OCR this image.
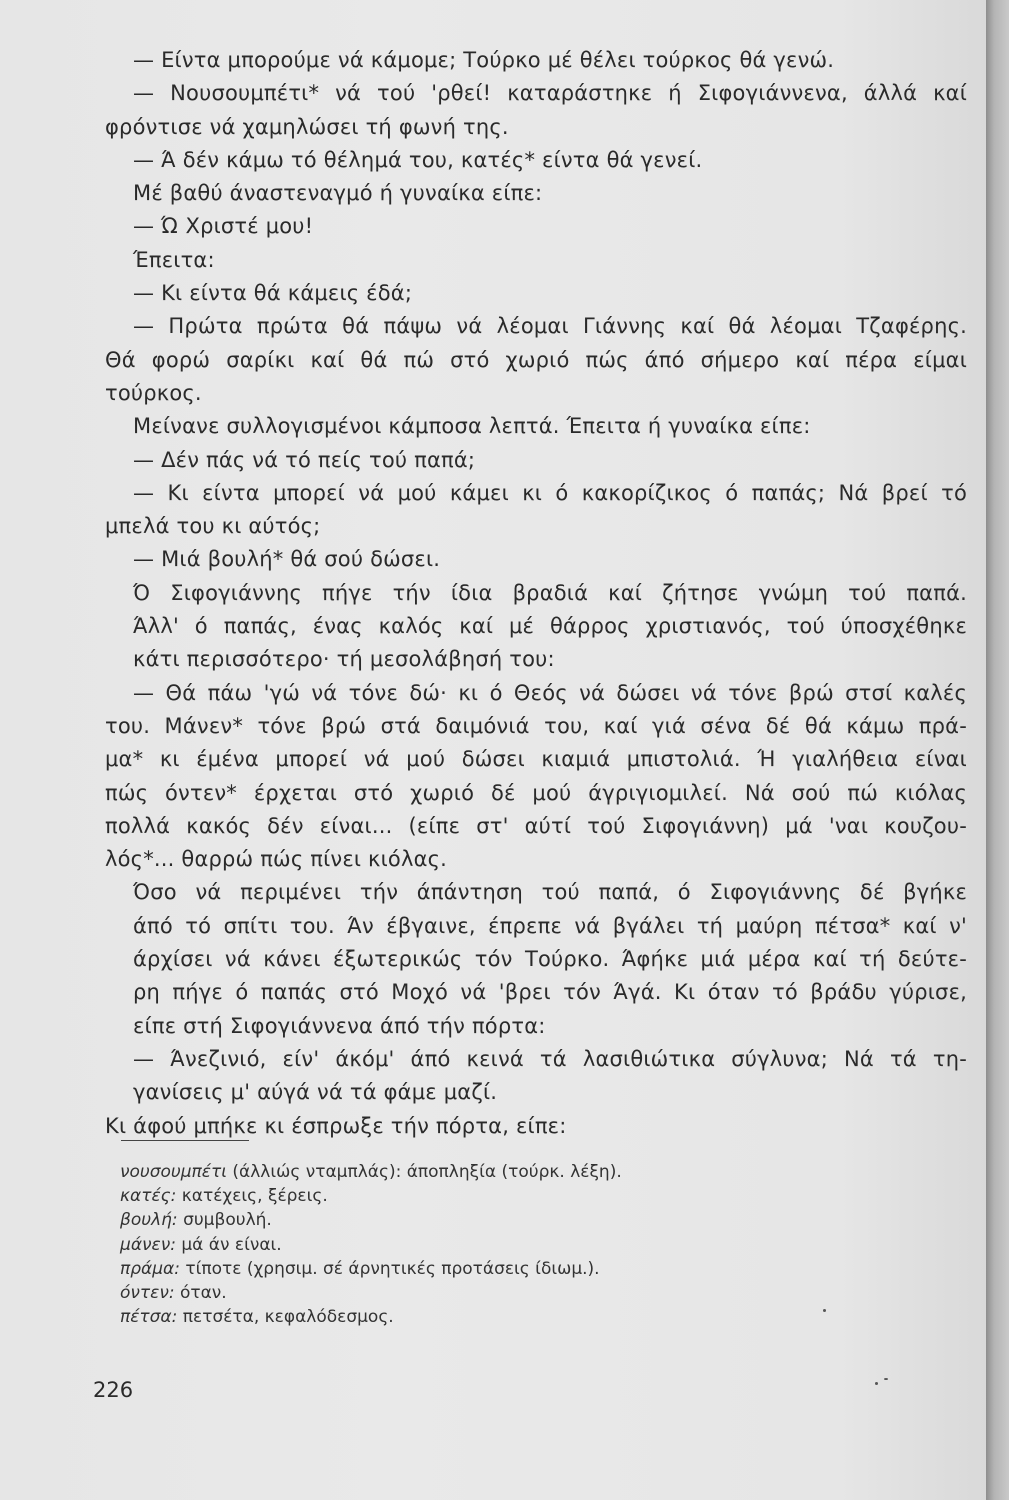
— Είντα μπορούμε νά κάμομε; Τούρκο μέ θέλει τούρκος θά γενώ.
— Νουσουμπέτι* νά τού 'ρθεί! καταράστηκε ή Σιφογιάννενα, άλλά καί
φρόντισε νά χαμηλώσει τή φωνή της.
— Ά δέν κάμω τό θέλημά του, κατές* είντα θά γενεί.
Μέ βαθύ άναστεναγμό ή γυναίκα είπε:
— Ώ Χριστέ μου!
Έπειτα:
— Κι είντα θά κάμεις έδά;
— Πρώτα πρώτα θά πάψω νά λέομαι Γιάννης καί θά λέομαι Τζαφέρης.
Θά φορώ σαρίκι καί θά πώ στό χωριό πώς άπό σήμερο καί πέρα είμαι
τούρκος.
Μείνανε συλλογισμένοι κάμποσα λεπτά. Έπειτα ή γυναίκα είπε:
— Δέν πάς νά τό πείς τού παπά;
— Κι είντα μπορεί νά μού κάμει κι ό κακορίζικος ό παπάς; Νά βρεί τό
μπελά του κι αύτός;
— Μιά βουλή* θά σού δώσει.
Ό Σιφογιάννης πήγε τήν ίδια βραδιά καί ζήτησε γνώμη τού παπά.
Άλλ' ό παπάς, ένας καλός καί μέ θάρρος χριστιανός, τού ύποσχέθηκε
κάτι περισσότερο· τή μεσολάβησή του:
— Θά πάω 'γώ νά τόνε δώ· κι ό Θεός νά δώσει νά τόνε βρώ στσί καλές
του. Μάνεν* τόνε βρώ στά δαιμόνιά του, καί γιά σένα δέ θά κάμω πρά-
μα* κι έμένα μπορεί νά μού δώσει κιαμιά μπιστολιά. Ή γιαλήθεια είναι
πώς όντεν* έρχεται στό χωριό δέ μού άγριγιομιλεί. Νά σού πώ κιόλας
πολλά κακός δέν είναι... (είπε στ' αύτί τού Σιφογιάννη) μά 'ναι κουζου-
λός*... θαρρώ πώς πίνει κιόλας.
Όσο νά περιμένει τήν άπάντηση τού παπά, ό Σιφογιάννης δέ βγήκε
άπό τό σπίτι του. Άν έβγαινε, έπρεπε νά βγάλει τή μαύρη πέτσα* καί ν'
άρχίσει νά κάνει έξωτερικώς τόν Τούρκο. Άφήκε μιά μέρα καί τή δεύτε-
ρη πήγε ό παπάς στό Μοχό νά 'βρει τόν Άγά. Κι όταν τό βράδυ γύρισε,
είπε στή Σιφογιάννενα άπό τήν πόρτα:
— Άνεζινιό, είν' άκόμ' άπό κεινά τά λασιθιώτικα σύγλυνα; Νά τά τη-
γανίσεις μ' αύγά νά τά φάμε μαζί.
Κι άφού μπήκε κι έσπρωξε τήν πόρτα, είπε:
νουσουμπέτι (άλλιώς νταμπλάς): άποπληξία (τούρκ. λέξη).
κατές: κατέχεις, ξέρεις.
βουλή: συμβουλή.
μάνεν: μά άν είναι.
πράμα: τίποτε (χρησιμ. σέ άρνητικές προτάσεις ίδιωμ.).
όντεν: όταν.
πέτσα: πετσέτα, κεφαλόδεσμος.
226
